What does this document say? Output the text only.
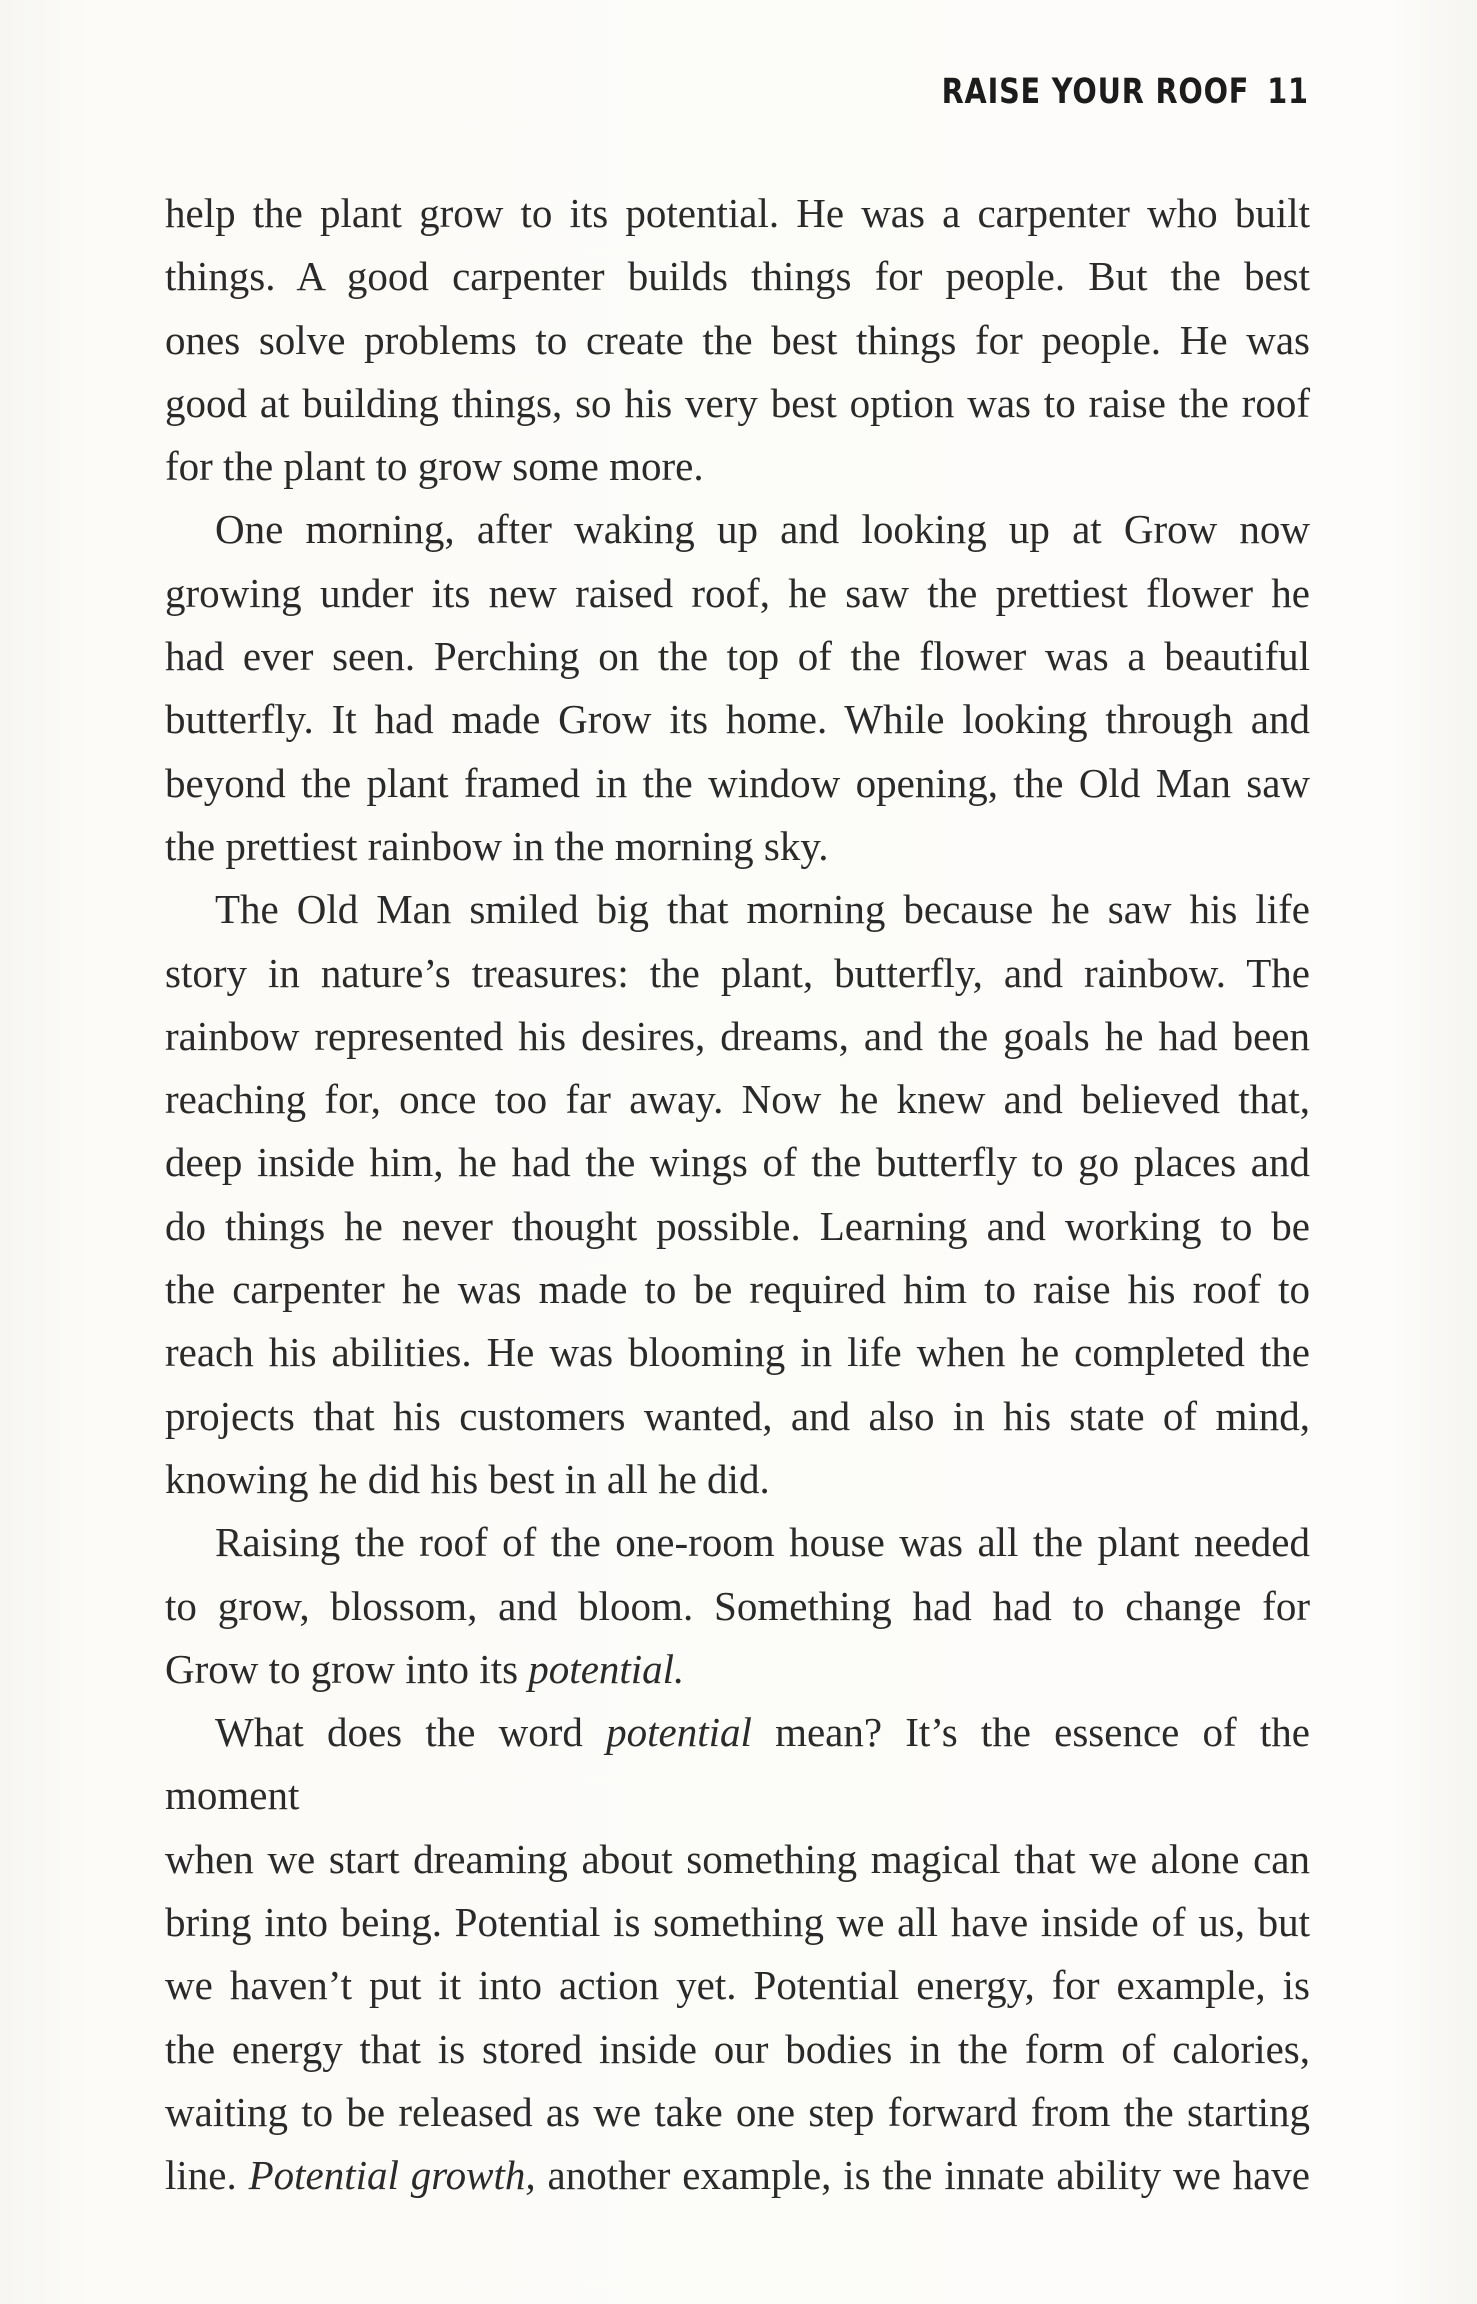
RAISE YOUR ROOF 11

help the plant grow to its potential. He was a carpenter who built
things. A good carpenter builds things for people. But the best
ones solve problems to create the best things for people. He was
good at building things, so his very best option was to raise the roof
for the plant to grow some more.

One morning, after waking up and looking up at Grow now
growing under its new raised roof, he saw the prettiest flower he
had ever seen. Perching on the top of the flower was a beautiful
butterfly. It had made Grow its home. While looking through and
beyond the plant framed in the window opening, the Old Man saw
the prettiest rainbow in the morning sky.

The Old Man smiled big that morning because he saw his life
story in nature’s treasures: the plant, butterfly, and rainbow. The
rainbow represented his desires, dreams, and the goals he had been
reaching for, once too far away. Now he knew and believed that,
deep inside him, he had the wings of the butterfly to go places and
do things he never thought possible. Learning and working to be
the carpenter he was made to be required him to raise his roof to
reach his abilities. He was blooming in life when he completed the
projects that his customers wanted, and also in his state of mind,
knowing he did his best in all he did.

Raising the roof of the one-room house was all the plant needed
to grow, blossom, and bloom. Something had had to change for
Grow to grow into its potential.

What does the word potential mean? It’s the essence of the moment
when we start dreaming about something magical that we alone can
bring into being. Potential is something we all have inside of us, but
we haven’t put it into action yet. Potential energy, for example, is
the energy that is stored inside our bodies in the form of calories,
waiting to be released as we take one step forward from the starting
line. Potential growth, another example, is the innate ability we have
